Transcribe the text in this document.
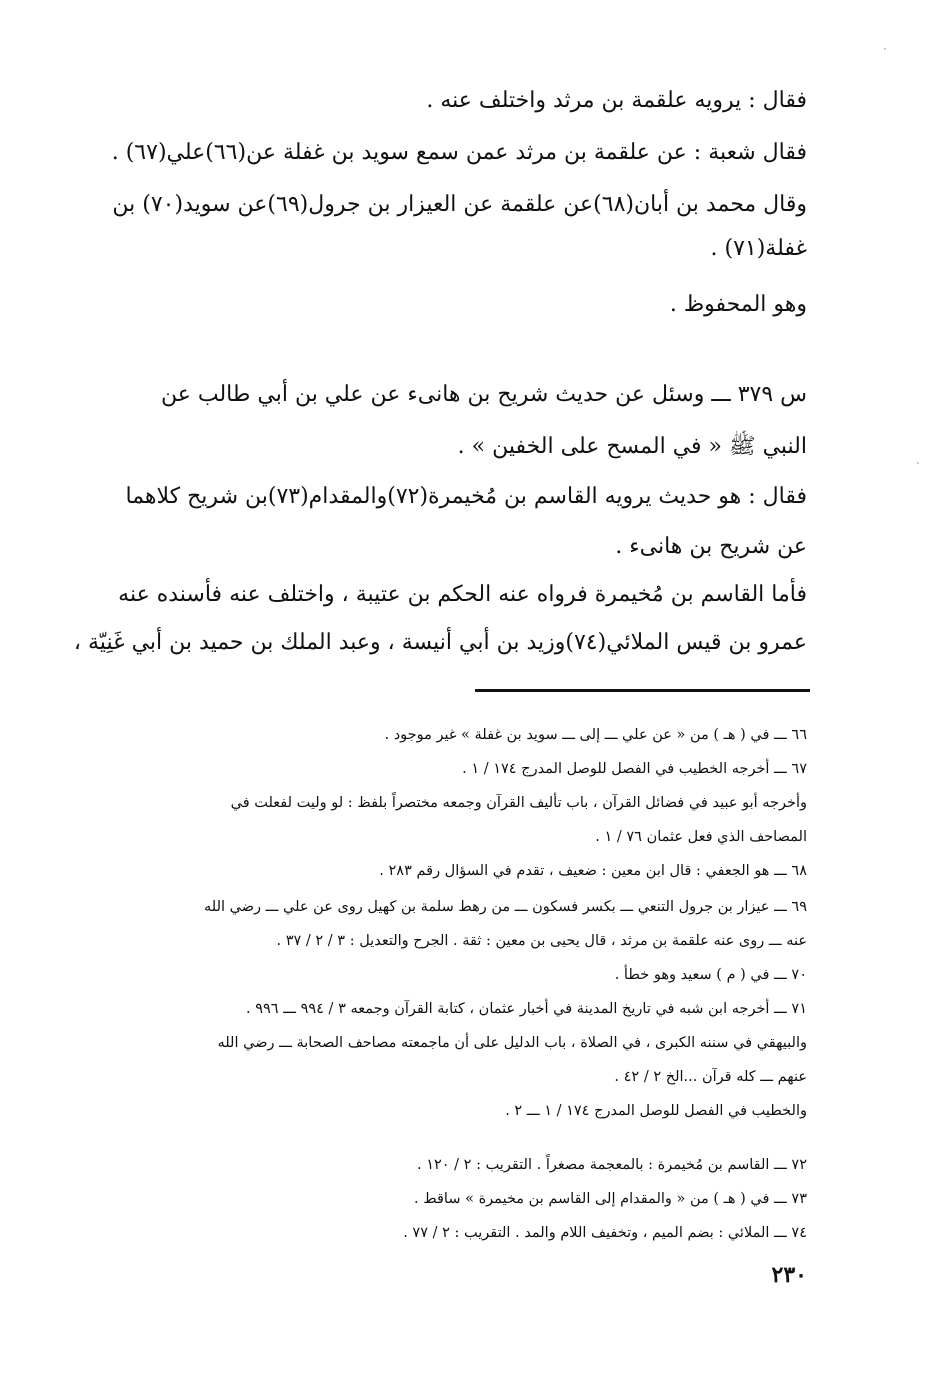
فقال : يرويه علقمة بن مرثد واختلف عنه .
فقال شعبة : عن علقمة بن مرثد عمن سمع سويد بن غفلة عن(٦٦)علي(٦٧) .
وقال محمد بن أبان(٦٨)عن علقمة عن العيزار بن جرول(٦٩)عن سويد(٧٠) بن
غفلة(٧١) .
وهو المحفوظ .
س ٣٧٩ ـــ وسئل عن حديث شريح بن هانىء عن علي بن أبي طالب عن
النبي ﷺ « في المسح على الخفين » .
فقال : هو حديث يرويه القاسم بن مُخيمرة(٧٢)والمقدام(٧٣)بن شريح كلاهما
عن شريح بن هانىء .
فأما القاسم بن مُخيمرة فرواه عنه الحكم بن عتيبة ، واختلف عنه فأسنده عنه
عمرو بن قيس الملائي(٧٤)وزيد بن أبي أنيسة ، وعبد الملك بن حميد بن أبي غَنِيّة ،
٦٦ ـــ في ( هـ ) من « عن علي ـــ إلى ـــ سويد بن غفلة » غير موجود .
٦٧ ـــ أخرجه الخطيب في الفصل للوصل المدرج ١٧٤ / ١ .
وأخرجه أبو عبيد في فضائل القرآن ، باب تأليف القرآن وجمعه مختصراً بلفظ : لو وليت لفعلت في
المصاحف الذي فعل عثمان ٧٦ / ١ .
٦٨ ـــ هو الجعفي : قال ابن معين : ضعيف ، تقدم في السؤال رقم ٢٨٣ .
٦٩ ـــ عيزار بن جرول التنعي ـــ بكسر فسكون ـــ من رهط سلمة بن كهيل روى عن علي ـــ رضي الله
عنه ـــ روى عنه علقمة بن مرثد ، قال يحيى بن معين : ثقة . الجرح والتعديل : ٣ / ٢ / ٣٧ .
٧٠ ـــ في ( م ) سعيد وهو خطأ .
٧١ ـــ أخرجه ابن شبه في تاريخ المدينة في أخبار عثمان ، كتابة القرآن وجمعه ٣ / ٩٩٤ ـــ ٩٩٦ .
والبيهقي في سننه الكبرى ، في الصلاة ، باب الدليل على أن ماجمعته مصاحف الصحابة ـــ رضي الله
عنهم ـــ كله قرآن ...الخ ٢ / ٤٢ .
والخطيب في الفصل للوصل المدرج ١٧٤ / ١ ـــ ٢ .
٧٢ ـــ القاسم بن مُخيمرة : بالمعجمة مصغراً . التقريب : ٢ / ١٢٠ .
٧٣ ـــ في ( هـ ) من « والمقدام إلى القاسم بن مخيمرة » ساقط .
٧٤ ـــ الملائي : بضم الميم ، وتخفيف اللام والمد . التقريب : ٢ / ٧٧ .
٢٣٠
